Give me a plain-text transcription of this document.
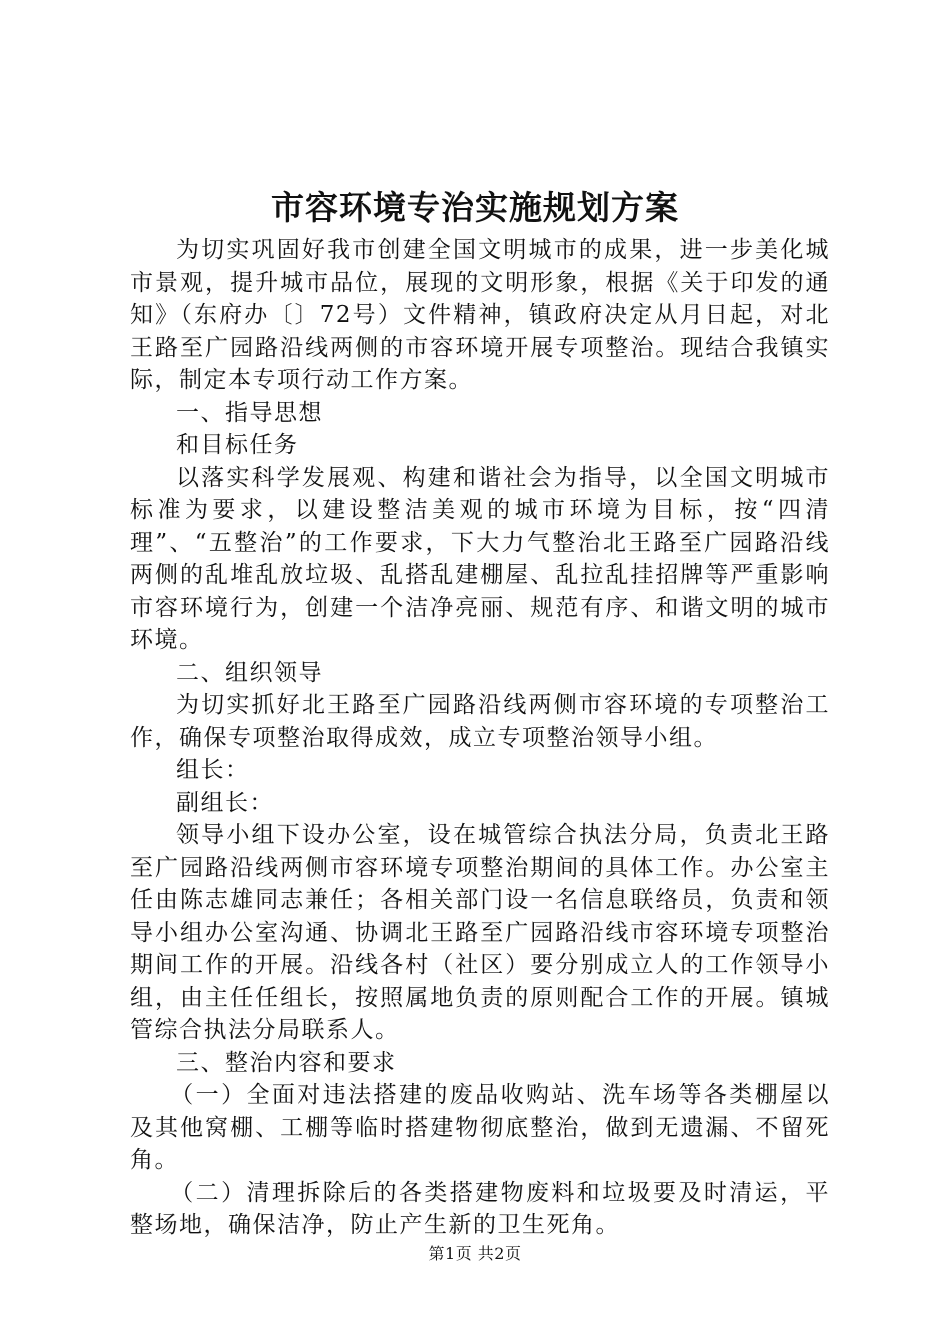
市容环境专治实施规划方案

为切实巩固好我市创建全国文明城市的成果，进一步美化城市景观，提升城市品位，展现的文明形象，根据《关于印发的通知》（东府办〔〕72号）文件精神，镇政府决定从月日起，对北王路至广园路沿线两侧的市容环境开展专项整治。现结合我镇实际，制定本专项行动工作方案。

一、指导思想

和目标任务

以落实科学发展观、构建和谐社会为指导，以全国文明城市标准为要求，以建设整洁美观的城市环境为目标，按“四清理”、“五整治”的工作要求，下大力气整治北王路至广园路沿线两侧的乱堆乱放垃圾、乱搭乱建棚屋、乱拉乱挂招牌等严重影响市容环境行为，创建一个洁净亮丽、规范有序、和谐文明的城市环境。

二、组织领导

为切实抓好北王路至广园路沿线两侧市容环境的专项整治工作，确保专项整治取得成效，成立专项整治领导小组。

组长：

副组长：

领导小组下设办公室，设在城管综合执法分局，负责北王路至广园路沿线两侧市容环境专项整治期间的具体工作。办公室主任由陈志雄同志兼任；各相关部门设一名信息联络员，负责和领导小组办公室沟通、协调北王路至广园路沿线市容环境专项整治期间工作的开展。沿线各村（社区）要分别成立人的工作领导小组，由主任任组长，按照属地负责的原则配合工作的开展。镇城管综合执法分局联系人。

三、整治内容和要求

（一）全面对违法搭建的废品收购站、洗车场等各类棚屋以及其他窝棚、工棚等临时搭建物彻底整治，做到无遗漏、不留死角。

（二）清理拆除后的各类搭建物废料和垃圾要及时清运，平整场地，确保洁净，防止产生新的卫生死角。

第1页 共2页
